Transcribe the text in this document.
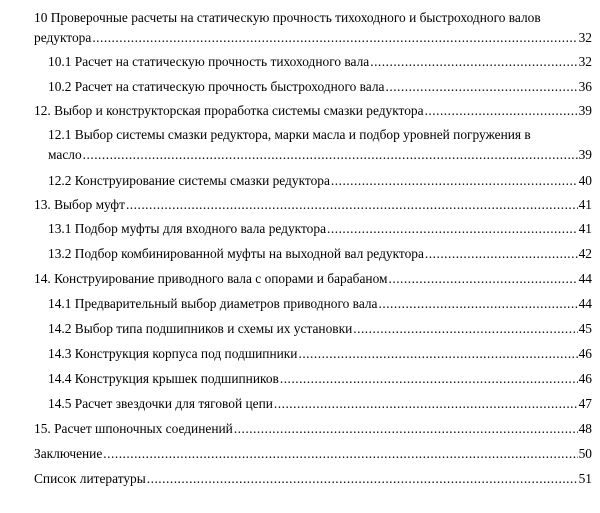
10 Проверочные расчеты на статическую прочность тихоходного и быстроходного валов
редуктора .....	32
10.1 Расчет на статическую прочность тихоходного вала .....	32
10.2 Расчет на статическую прочность быстроходного вала .....	36
12. Выбор и конструкторская проработка системы смазки редуктора .....	39
12.1 Выбор системы смазки редуктора, марки масла и подбор уровней погружения в
масло .....	39
12.2 Конструирование системы смазки редуктора .....	40
13. Выбор муфт .....	41
13.1 Подбор муфты для входного вала редуктора .....	41
13.2 Подбор комбинированной муфты на выходной вал редуктора .....	42
14. Конструирование приводного вала с опорами и барабаном .....	44
14.1 Предварительный выбор диаметров приводного вала .....	44
14.2 Выбор типа подшипников и схемы их установки .....	45
14.3 Конструкция корпуса под подшипники .....	46
14.4 Конструкция крышек подшипников .....	46
14.5 Расчет звездочки для тяговой цепи .....	47
15. Расчет шпоночных соединений .....	48
Заключение .....	50
Список литературы .....	51
